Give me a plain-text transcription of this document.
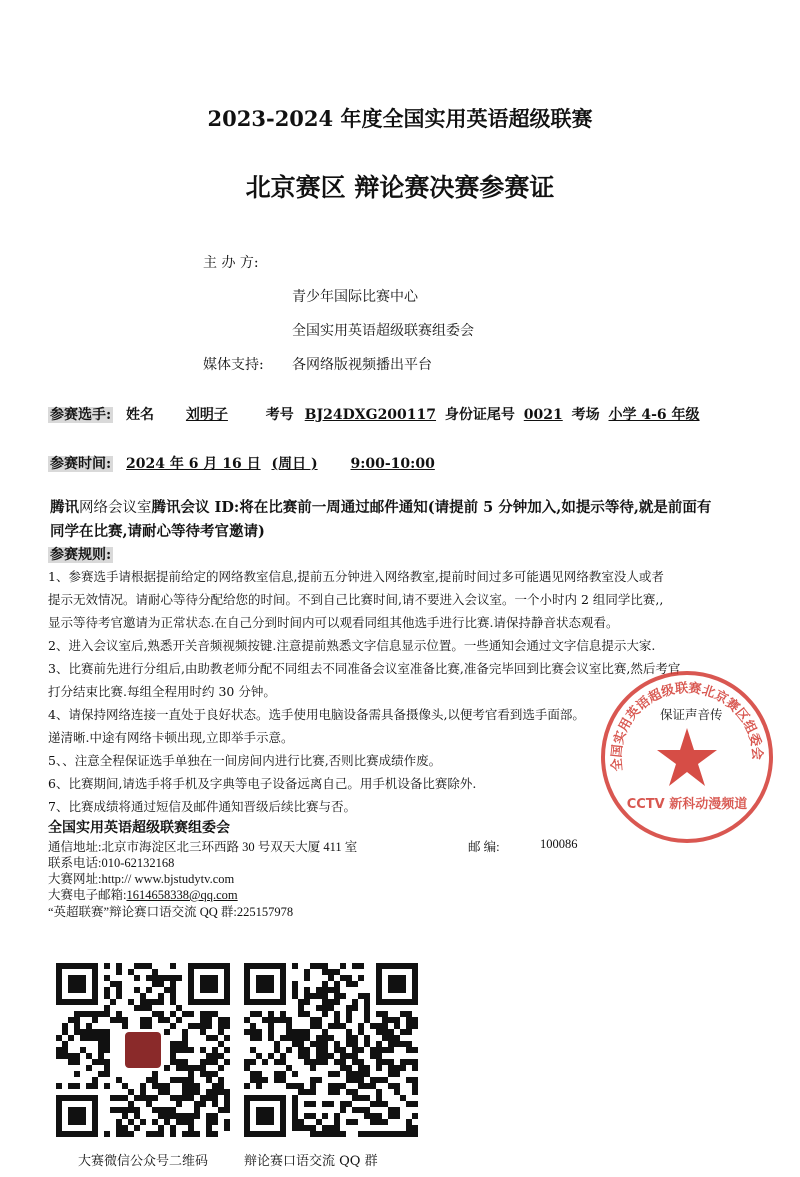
2023-2024 年度全国实用英语超级联赛
北京赛区 辩论赛决赛参赛证
主 办 方:
青少年国际比赛中心
全国实用英语超级联赛组委会
媒体支持: 各网络版视频播出平台
参赛选手: 姓名 刘明子	考号 BJ24DXG200117 身份证尾号 0021 考场 小学 4-6 年级
参赛时间: 2024 年 6 月 16 日 (周日 ) 9:00-10:00
腾讯网络会议室腾讯会议 ID:将在比赛前一周通过邮件通知(请提前 5 分钟加入,如提示等待,就是前面有同学在比赛,请耐心等待考官邀请)
参赛规则:
1、参赛选手请根据提前给定的网络教室信息,提前五分钟进入网络教室,提前时间过多可能遇见网络教室没人或者
提示无效情况。请耐心等待分配给您的时间。不到自己比赛时间,请不要进入会议室。一个小时内 2 组同学比赛,,
显示等待考官邀请为正常状态.在自己分到时间内可以观看同组其他选手进行比赛.请保持静音状态观看。
2、进入会议室后,熟悉开关音频视频按键.注意提前熟悉文字信息显示位置。一些通知会通过文字信息提示大家.
3、比赛前先进行分组后,由助教老师分配不同组去不同准备会议室准备比赛,准备完毕回到比赛会议室比赛,然后考官
打分结束比赛.每组全程用时约 30 分钟。
4、请保持网络连接一直处于良好状态。选手使用电脑设备需具备摄像头,以便考官看到选手面部。	保证声音传
递清晰.中途有网络卡顿出现,立即举手示意。
5、、注意全程保证选手单独在一间房间内进行比赛,否则比赛成绩作废。
6、比赛期间,请选手将手机及字典等电子设备远离自己。用手机设备比赛除外.
7、比赛成绩将通过短信及邮件通知晋级后续比赛与否。
全国实用英语超级联赛北京赛区组委会
CCTV 新科动漫频道
全国实用英语超级联赛组委会
通信地址:北京市海淀区北三环西路 30 号双天大厦 411 室	邮 编:	100086
联系电话:010-62132168
大赛网址:http:// www.bjstudytv.com
大赛电子邮箱:1614658338@qq.com
“英超联赛”辩论赛口语交流 QQ 群:225157978
大赛微信公众号二维码	辩论赛口语交流 QQ 群
